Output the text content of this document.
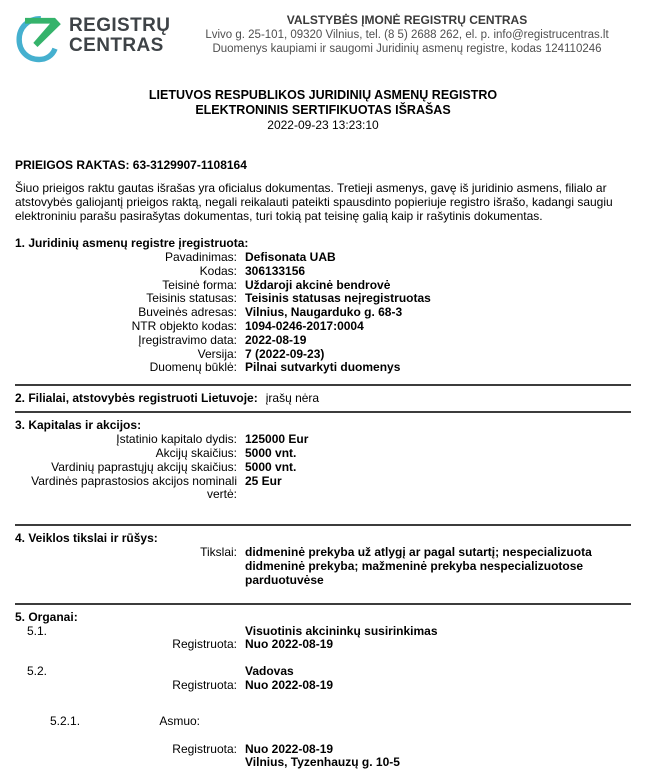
REGISTRŲ
CENTRAS
VALSTYBĖS ĮMONĖ REGISTRŲ CENTRAS
Lvivo g. 25-101, 09320 Vilnius, tel. (8 5) 2688 262, el. p. info@registrucentras.lt
Duomenys kaupiami ir saugomi Juridinių asmenų registre, kodas 124110246
LIETUVOS RESPUBLIKOS JURIDINIŲ ASMENŲ REGISTRO
ELEKTRONINIS SERTIFIKUOTAS IŠRAŠAS
2022-09-23 13:23:10
PRIEIGOS RAKTAS: 63-3129907-1108164
Šiuo prieigos raktu gautas išrašas yra oficialus dokumentas. Tretieji asmenys, gavę iš juridinio asmens, filialo ar atstovybės galiojantį prieigos raktą, negali reikalauti pateikti spausdinto popieriuje registro išrašo, kadangi saugiu elektroniniu parašu pasirašytas dokumentas, turi tokią pat teisinę galią kaip ir rašytinis dokumentas.
1. Juridinių asmenų registre įregistruota:
Pavadinimas: Defisonata UAB
Kodas: 306133156
Teisinė forma: Uždaroji akcinė bendrovė
Teisinis statusas: Teisinis statusas neįregistruotas
Buveinės adresas: Vilnius, Naugarduko g. 68-3
NTR objekto kodas: 1094-0246-2017:0004
Įregistravimo data: 2022-08-19
Versija: 7 (2022-09-23)
Duomenų būklė: Pilnai sutvarkyti duomenys
2. Filialai, atstovybės registruoti Lietuvoje: įrašų nėra
3. Kapitalas ir akcijos:
Įstatinio kapitalo dydis: 125000 Eur
Akcijų skaičius: 5000 vnt.
Vardinių paprastųjų akcijų skaičius: 5000 vnt.
Vardinės paprastosios akcijos nominali vertė:
25 Eur
4. Veiklos tikslai ir rūšys:
Tikslai: didmeninė prekyba už atlygį ar pagal sutartį; nespecializuota didmeninė prekyba; mažmeninė prekyba nespecializuotose parduotuvėse
5. Organai:
5.1.	Visuotinis akcininkų susirinkimas
Registruota: Nuo 2022-08-19
5.2.	Vadovas
Registruota: Nuo 2022-08-19
5.2.1.	Asmuo:
Registruota: Nuo 2022-08-19
Vilnius, Tyzenhauzų g. 10-5
